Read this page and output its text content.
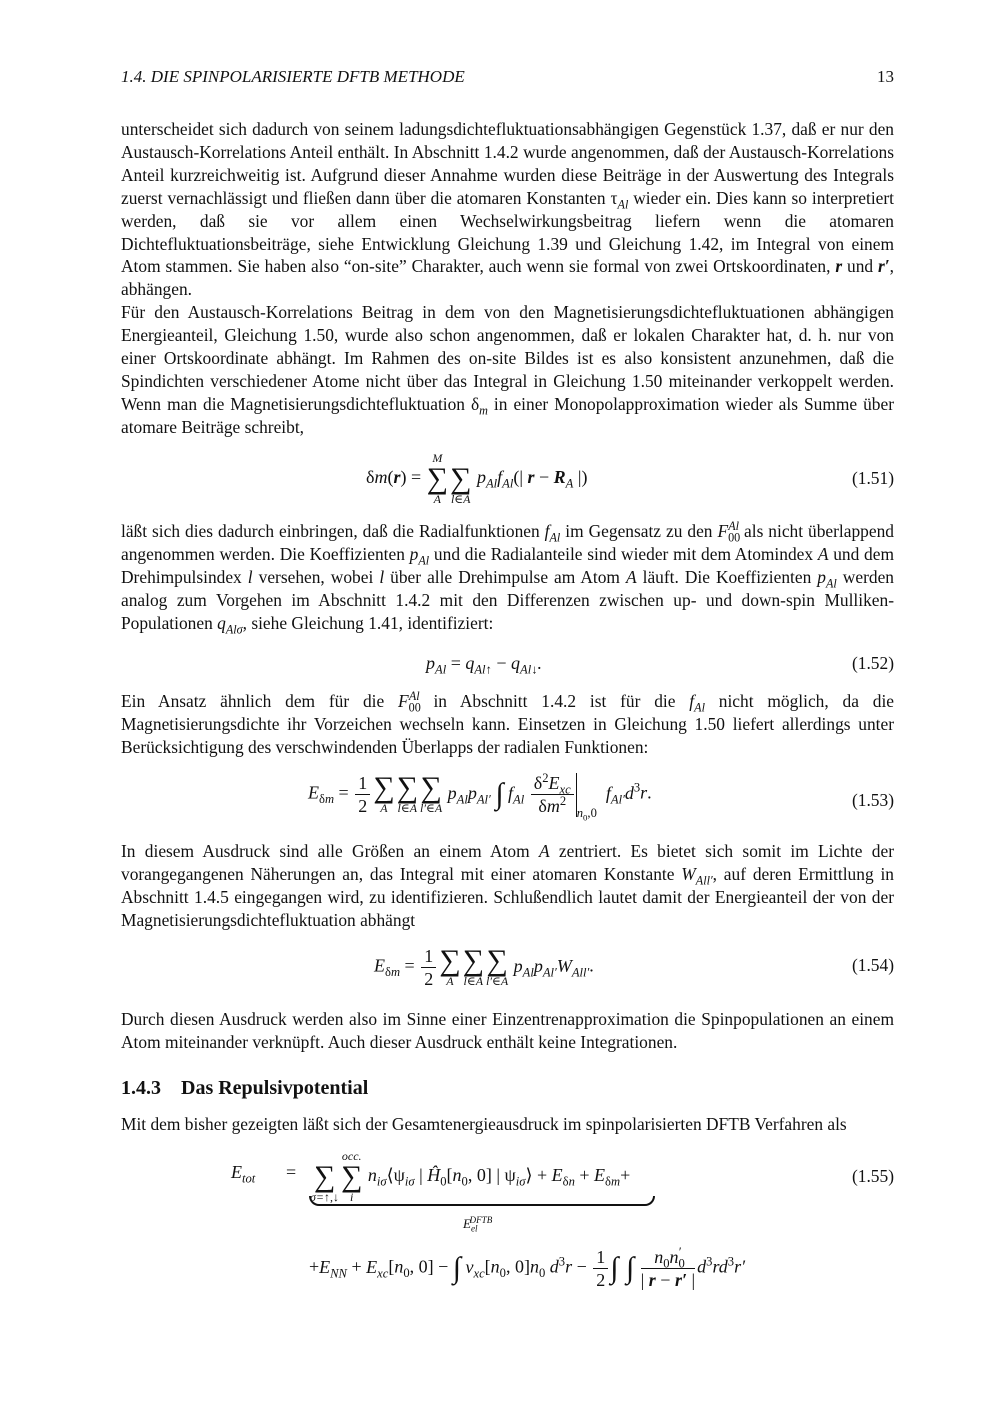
1.4. DIE SPINPOLARISIERTE DFTB METHODE	13

unterscheidet sich dadurch von seinem ladungsdichtefluktuationsabhängigen Gegenstück 1.37, daß er nur den Austausch-Korrelations Anteil enthält. In Abschnitt 1.4.2 wurde angenommen, daß der Austausch-Korrelations Anteil kurzreichweitig ist. Aufgrund dieser Annahme wurden diese Beiträge in der Auswertung des Integrals zuerst vernachlässigt und fließen dann über die atomaren Konstanten $\tau_{Al}$ wieder ein. Dies kann so interpretiert werden, daß sie vor allem einen Wechselwirkungsbeitrag liefern wenn die atomaren Dichtefluktuationsbeiträge, siehe Entwicklung Gleichung 1.39 und Gleichung 1.42, im Integral von einem Atom stammen. Sie haben also “on-site” Charakter, auch wenn sie formal von zwei Ortskoordinaten, r und r′, abhängen.
Für den Austausch-Korrelations Beitrag in dem von den Magnetisierungsdichtefluktuationen abhängigen Energieanteil, Gleichung 1.50, wurde also schon angenommen, daß er lokalen Charakter hat, d. h. nur von einer Ortskoordinate abhängt. Im Rahmen des on-site Bildes ist es also konsistent anzunehmen, daß die Spindichten verschiedener Atome nicht über das Integral in Gleichung 1.50 miteinander verkoppelt werden. Wenn man die Magnetisierungsdichtefluktuation $\delta_m$ in einer Monopolapproximation wieder als Summe über atomare Beiträge schreibt,

δm(r) =
M
∑
A

∑
l∈A
$p_{Al}f_{Al}(|$ $r - R_A$ |)	(1.51)

läßt sich dies dadurch einbringen, daß die Radialfunktionen $f_{Al}$ im Gegensatz zu den $F_{00}^{Al}$ als nicht überlappend angenommen werden. Die Koeffizienten $p_{Al}$ und die Radialanteile sind wieder mit dem Atomindex A und dem Drehimpulsindex l versehen, wobei l über alle Drehimpulse am Atom A läuft. Die Koeffizienten $p_{Al}$ werden analog zum Vorgehen im Abschnitt 1.4.2 mit den Differenzen zwischen up- und down-spin Mulliken-Populationen $q_{Al\sigma}$, siehe Gleichung 1.41, identifiziert:

$p_{Al} = q_{Al↑} - q_{Al↓}$.	(1.52)

Ein Ansatz ähnlich dem für die $F_{00}^{Al}$ in Abschnitt 1.4.2 ist für die $f_{Al}$ nicht möglich, da die Magnetisierungsdichte ihr Vorzeichen wechseln kann. Einsetzen in Gleichung 1.50 liefert allerdings unter Berücksichtigung des verschwindenden Überlapps der radialen Funktionen:

$E_{\delta m} = \frac{1}{2}$ ∑
A
∑
l∈A
∑
l′∈A
$p_{Al}p_{Al'}$ ∫ $f_{Al} \frac{\delta^2E_{xc}}{\delta m^2} _{n_0,0}$  $f_{Al'}d^3r$.	(1.53)

In diesem Ausdruck sind alle Größen an einem Atom A zentriert. Es bietet sich somit im Lichte der vorangegangenen Näherungen an, das Integral mit einer atomaren Konstante $W_{All'}$, auf deren Ermittlung in Abschnitt 1.4.5 eingegangen wird, zu identifizieren. Schlußendlich lautet damit der Energieanteil der von der Magnetisierungsdichtefluktuation abhängt

$E_{\delta m} = \frac{1}{2}$ ∑
A
∑
l∈A
∑
l′∈A
$p_{Al}p_{Al'}W_{All'}$.	(1.54)

Durch diesen Ausdruck werden also im Sinne einer Einzentrenapproximation die Spinpopulationen an einem Atom miteinander verknüpft. Auch dieser Ausdruck enthält keine Integrationen.

1.4.3 Das Repulsivpotential

Mit dem bisher gezeigten läßt sich der Gesamtenergieausdruck im spinpolarisierten DFTB Verfahren als

$E_{tot}$ =
∑
σ=↑,↓
occ.
∑
i
$n_{i\sigma}⟨\psi_{i\sigma}$ | $Ĥ_0[n_0$, 0] | $\psi_{i\sigma}⟩ + E_{\delta n} + E_{\delta m}+$
$E_{el}^{DFTB}$
$+E_{NN} + E_{xc}[n_0$, 0] − ∫ $v_{xc}[n_0$, $0]n_0$ $d^3r - \frac{1}{2}$ ∫ ∫ $\frac{n_0n_0'}{| r - r' |} d^3rd^3r'$
(1.55)
